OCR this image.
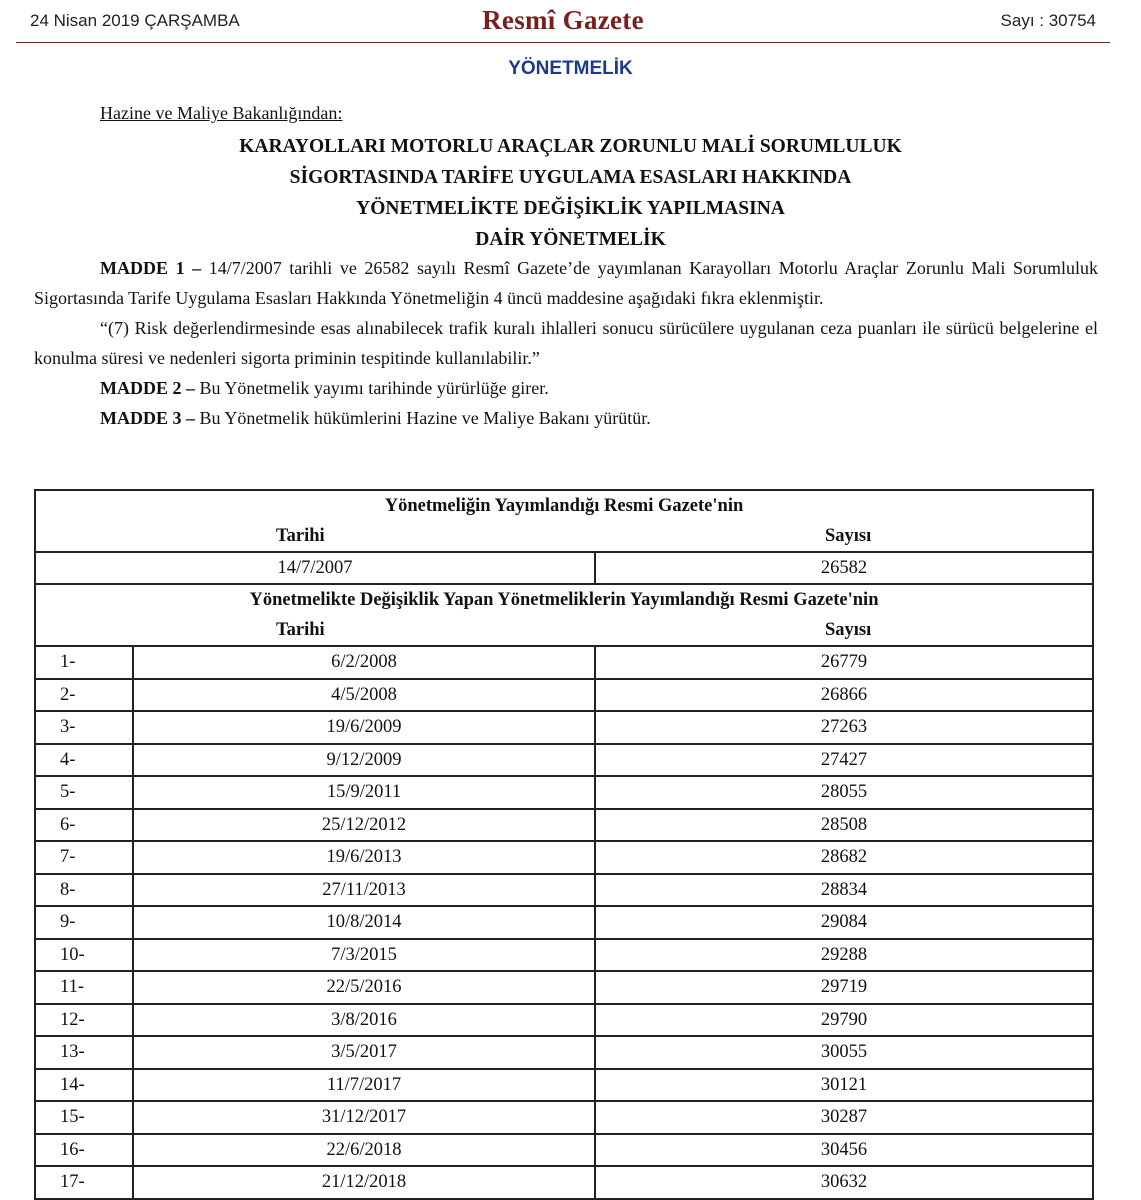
24 Nisan 2019 ÇARŞAMBA	Resmî Gazete	Sayı : 30754
YÖNETMELİK
Hazine ve Maliye Bakanlığından:
KARAYOLLARI MOTORLU ARAÇLAR ZORUNLU MALİ SORUMLULUK
SİGORTASINDA TARİFE UYGULAMA ESASLARI HAKKINDA
YÖNETMELİKTE DEĞİŞİKLİK YAPILMASINA
DAİR YÖNETMELİK

MADDE 1 – 14/7/2007 tarihli ve 26582 sayılı Resmî Gazete’de yayımlanan Karayolları Motorlu Araçlar Zorunlu Mali Sorumluluk Sigortasında Tarife Uygulama Esasları Hakkında Yönetmeliğin 4 üncü maddesine aşağıdaki fıkra eklenmiştir.

“(7) Risk değerlendirmesinde esas alınabilecek trafik kuralı ihlalleri sonucu sürücülere uygulanan ceza puanları ile sürücü belgelerine el konulma süresi ve nedenleri sigorta priminin tespitinde kullanılabilir.”

MADDE 2 – Bu Yönetmelik yayımı tarihinde yürürlüğe girer.

MADDE 3 – Bu Yönetmelik hükümlerini Hazine ve Maliye Bakanı yürütür.

Yönetmeliğin Yayımlandığı Resmi Gazete'nin		
Tarihi		Sayısı
14/7/2007		26582
Yönetmelikte Değişiklik Yapan Yönetmeliklerin Yayımlandığı Resmi Gazete'nin		
Tarihi		Sayısı
1-	6/2/2008	26779
2-	4/5/2008	26866
3-	19/6/2009	27263
4-	9/12/2009	27427
5-	15/9/2011	28055
6-	25/12/2012	28508
7-	19/6/2013	28682
8-	27/11/2013	28834
9-	10/8/2014	29084
10-	7/3/2015	29288
11-	22/5/2016	29719
12-	3/8/2016	29790
13-	3/5/2017	30055
14-	11/7/2017	30121
15-	31/12/2017	30287
16-	22/6/2018	30456
17-	21/12/2018	30632
